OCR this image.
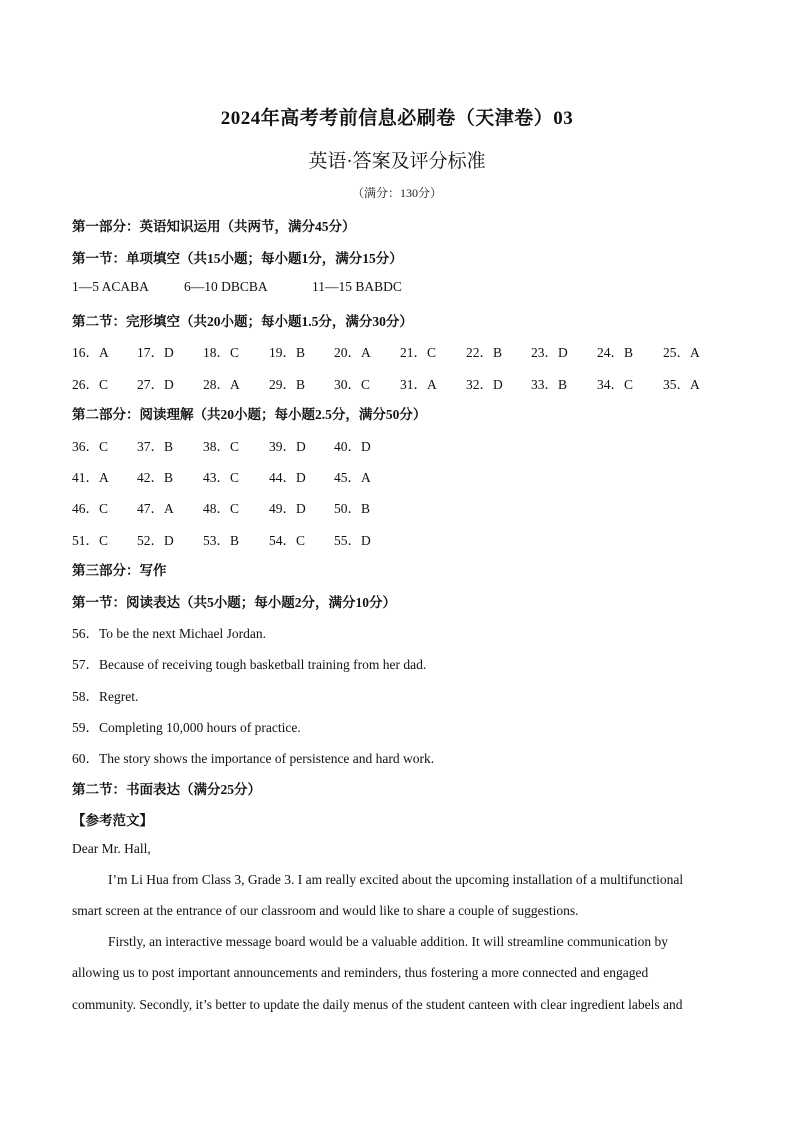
2024年高考考前信息必刷卷（天津卷）03
英语·答案及评分标准
（满分：130分）
第一部分：英语知识运用（共两节，满分45分）
第一节：单项填空（共15小题；每小题1分，满分15分）
1—5 ACABA	6—10 DBCBA	11—15 BABDC
第二节：完形填空（共20小题；每小题1.5分，满分30分）
16．A 17．D 18．C 19．B 20．A 21．C 22．B 23．D 24．B 25．A
26．C 27．D 28．A 29．B 30．C 31．A 32．D 33．B 34．C 35．A
第二部分：阅读理解（共20小题；每小题2.5分，满分50分）
36．C 37．B 38．C 39．D 40．D
41．A 42．B 43．C 44．D 45．A
46．C 47．A 48．C 49．D 50．B
51．C 52．D 53．B 54．C 55．D
第三部分：写作
第一节：阅读表达（共5小题；每小题2分，满分10分）
56．To be the next Michael Jordan.
57．Because of receiving tough basketball training from her dad.
58．Regret.
59．Completing 10,000 hours of practice.
60．The story shows the importance of persistence and hard work.
第二节：书面表达（满分25分）
【参考范文】
Dear Mr. Hall,
I’m Li Hua from Class 3, Grade 3. I am really excited about the upcoming installation of a multifunctional
smart screen at the entrance of our classroom and would like to share a couple of suggestions.
Firstly, an interactive message board would be a valuable addition. It will streamline communication by
allowing us to post important announcements and reminders, thus fostering a more connected and engaged
community. Secondly, it’s better to update the daily menus of the student canteen with clear ingredient labels and
